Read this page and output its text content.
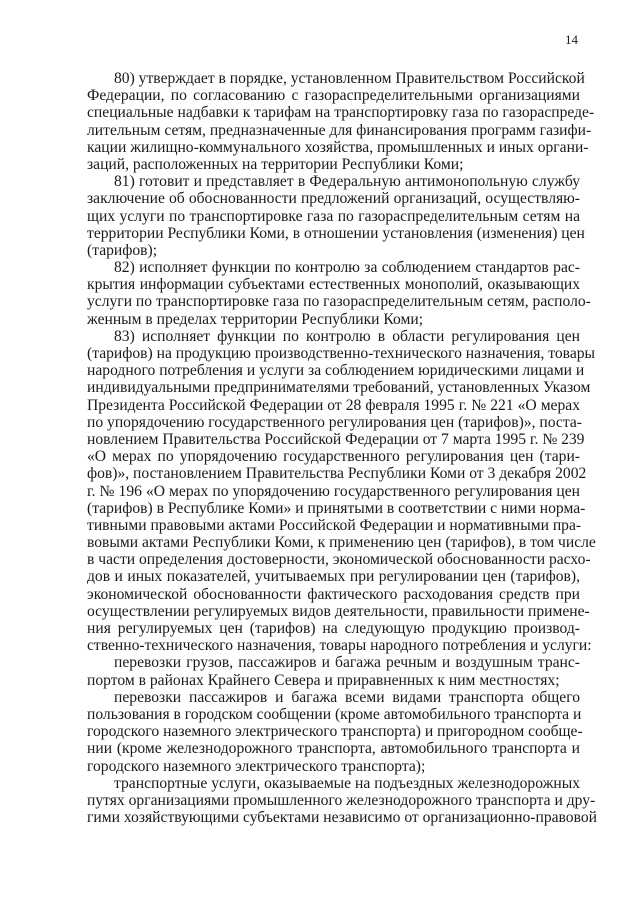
14
80) утверждает в порядке, установленном Правительством Российской
Федерации, по согласованию с газораспределительными организациями
специальные надбавки к тарифам на транспортировку газа по газораспреде-
лительным сетям, предназначенные для финансирования программ газифи-
кации жилищно-коммунального хозяйства, промышленных и иных органи-
заций, расположенных на территории Республики Коми;
81) готовит и представляет в Федеральную антимонопольную службу
заключение об обоснованности предложений организаций, осуществляю-
щих услуги по транспортировке газа по газораспределительным сетям на
территории Республики Коми, в отношении установления (изменения) цен
(тарифов);
82) исполняет функции по контролю за соблюдением стандартов рас-
крытия информации субъектами естественных монополий, оказывающих
услуги по транспортировке газа по газораспределительным сетям, располо-
женным в пределах территории Республики Коми;
83) исполняет функции по контролю в области регулирования цен
(тарифов) на продукцию производственно-технического назначения, товары
народного потребления и услуги за соблюдением юридическими лицами и
индивидуальными предпринимателями требований, установленных Указом
Президента Российской Федерации от 28 февраля 1995 г. № 221 «О мерах
по упорядочению государственного регулирования цен (тарифов)», поста-
новлением Правительства Российской Федерации от 7 марта 1995 г. № 239
«О мерах по упорядочению государственного регулирования цен (тари-
фов)», постановлением Правительства Республики Коми от 3 декабря 2002
г. № 196 «О мерах по упорядочению государственного регулирования цен
(тарифов) в Республике Коми» и принятыми в соответствии с ними норма-
тивными правовыми актами Российской Федерации и нормативными пра-
вовыми актами Республики Коми, к применению цен (тарифов), в том числе
в части определения достоверности, экономической обоснованности расхо-
дов и иных показателей, учитываемых при регулировании цен (тарифов),
экономической обоснованности фактического расходования средств при
осуществлении регулируемых видов деятельности, правильности примене-
ния регулируемых цен (тарифов) на следующую продукцию производ-
ственно-технического назначения, товары народного потребления и услуги:
перевозки грузов, пассажиров и багажа речным и воздушным транс-
портом в районах Крайнего Севера и приравненных к ним местностях;
перевозки пассажиров и багажа всеми видами транспорта общего
пользования в городском сообщении (кроме автомобильного транспорта и
городского наземного электрического транспорта) и пригородном сообще-
нии (кроме железнодорожного транспорта, автомобильного транспорта и
городского наземного электрического транспорта);
транспортные услуги, оказываемые на подъездных железнодорожных
путях организациями промышленного железнодорожного транспорта и дру-
гими хозяйствующими субъектами независимо от организационно-правовой
